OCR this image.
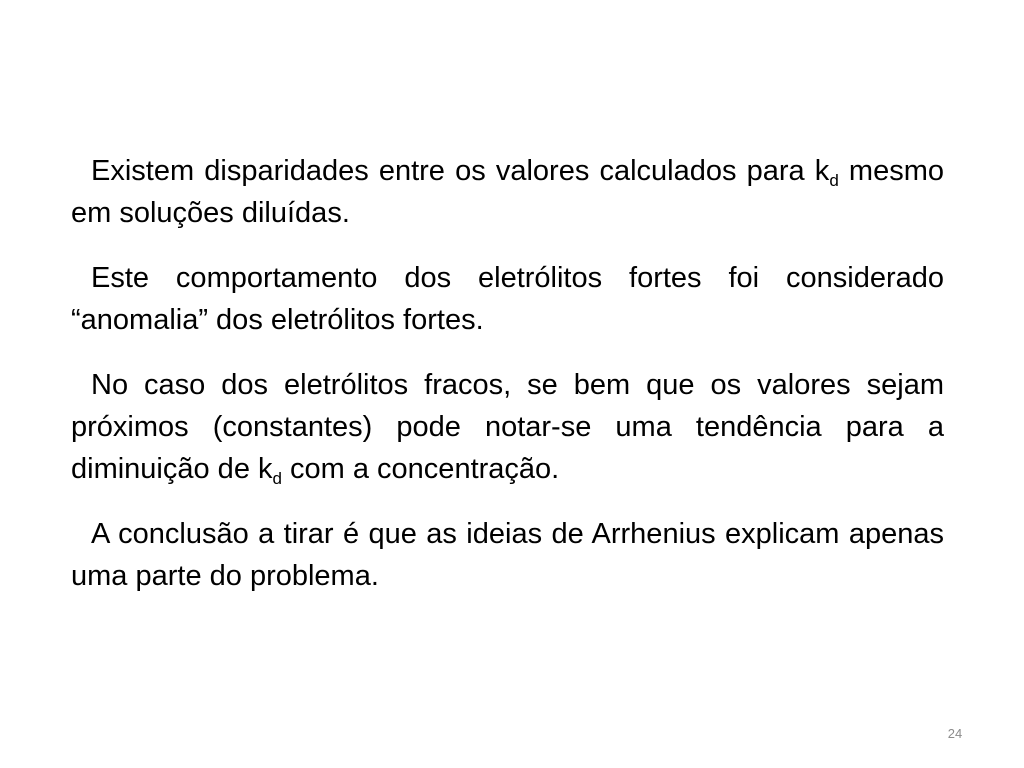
Existem disparidades entre os valores calculados para $k_d$ mesmo em soluções diluídas.

Este comportamento dos eletrólitos fortes foi considerado “anomalia” dos eletrólitos fortes.

No caso dos eletrólitos fracos, se bem que os valores sejam próximos (constantes) pode notar-se uma tendência para a diminuição de $k_d$ com a concentração.

A conclusão a tirar é que as ideias de Arrhenius explicam apenas uma parte do problema.

24
